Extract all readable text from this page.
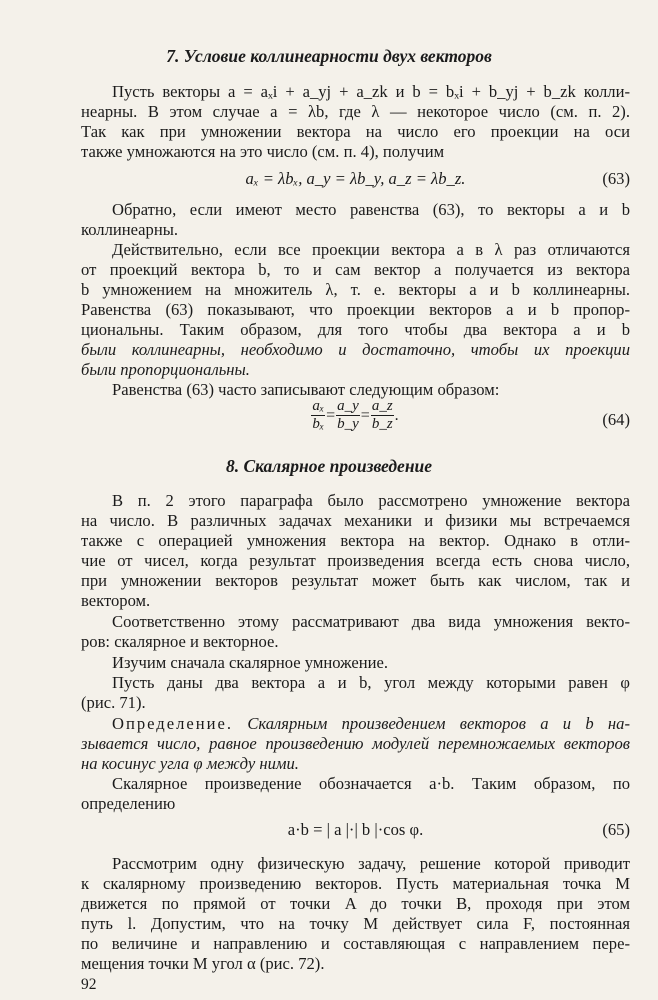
7. Условие коллинеарности двух векторов
Пусть векторы a = aₓi + a_yj + a_zk и b = bₓi + b_yj + b_zk колли-
неарны. В этом случае a = λb, где λ — некоторое число (см. п. 2).
Так как при умножении вектора на число его проекции на оси
также умножаются на это число (см. п. 4), получим
aₓ = λbₓ, a_y = λb_y, a_z = λb_z.	(63)
Обратно, если имеют место равенства (63), то векторы a и b
коллинеарны.
Действительно, если все проекции вектора a в λ раз отличаются
от проекций вектора b, то и сам вектор a получается из вектора
b умножением на множитель λ, т. е. векторы a и b коллинеарны.
Равенства (63) показывают, что проекции векторов a и b пропор-
циональны. Таким образом, для того чтобы два вектора a и b
были коллинеарны, необходимо и достаточно, чтобы их проекции
были пропорциональны.
Равенства (63) часто записывают следующим образом:
$\frac{\text{aₓ}}{\text{bₓ}} = \frac{a\_y}{b\_y} = \frac{a\_z}{b\_z}$ .	(64)
8. Скалярное произведение
В п. 2 этого параграфа было рассмотрено умножение вектора
на число. В различных задачах механики и физики мы встречаемся
также с операцией умножения вектора на вектор. Однако в отли-
чие от чисел, когда результат произведения всегда есть снова число,
при умножении векторов результат может быть как числом, так и
вектором.
Соответственно этому рассматривают два вида умножения векто-
ров: скалярное и векторное.
Изучим сначала скалярное умножение.
Пусть даны два вектора a и b, угол между которыми равен φ
(рис. 71).
Определение. Скалярным произведением векторов a и b на-
зывается число, равное произведению модулей перемножаемых векторов
на косинус угла φ между ними.
Скалярное произведение обозначается a·b. Таким образом, по
определению
a·b = | a |·| b |·cos φ.	(65)
Рассмотрим одну физическую задачу, решение которой приводит
к скалярному произведению векторов. Пусть материальная точка M
движется по прямой от точки A до точки B, проходя при этом
путь l. Допустим, что на точку M действует сила F, постоянная
по величине и направлению и составляющая с направлением пере-
мещения точки M угол α (рис. 72).
92
